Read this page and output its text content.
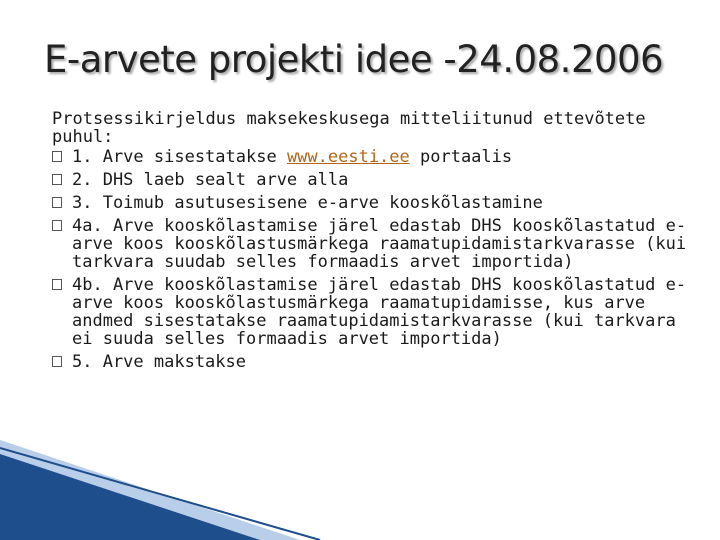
E-arvete projekti idee -24.08.2006

Protsessikirjeldus maksekeskusega mitteliitunud ettevõtete puhul:

1. Arve sisestatakse www.eesti.ee portaalis
2. DHS laeb sealt arve alla
3. Toimub asutusesisene e-arve kooskõlastamine
4a. Arve kooskõlastamise järel edastab DHS kooskõlastatud e-arve koos kooskõlastusmärkega raamatupidamistarkvarasse (kui tarkvara suudab selles formaadis arvet importida)
4b. Arve kooskõlastamise järel edastab DHS kooskõlastatud e-arve koos kooskõlastusmärkega raamatupidamisse, kus arve andmed sisestatakse raamatupidamistarkvarasse (kui tarkvara ei suuda selles formaadis arvet importida)
5. Arve makstakse
